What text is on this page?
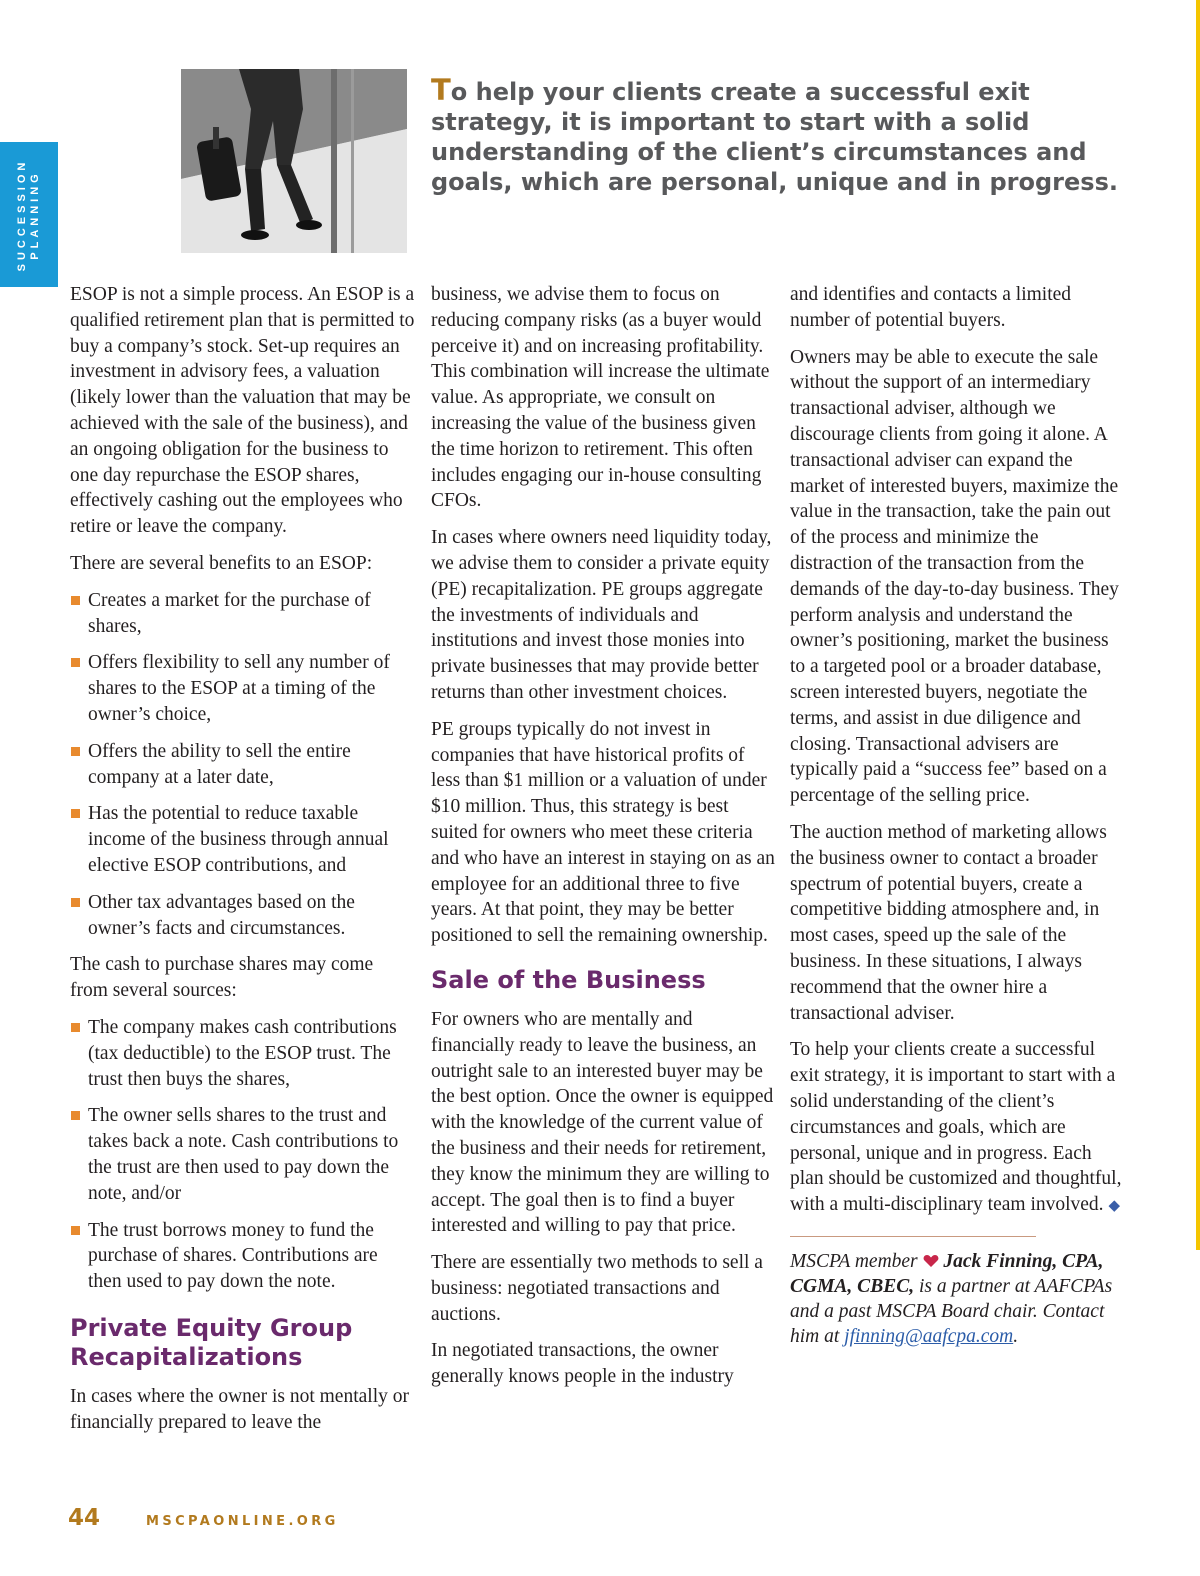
SUCCESSION PLANNING

To help your clients create a successful exit strategy, it is important to start with a solid understanding of the client’s circumstances and goals, which are personal, unique and in progress.

ESOP is not a simple process. An ESOP is a qualified retirement plan that is permitted to buy a company’s stock. Set-up requires an investment in advisory fees, a valuation (likely lower than the valuation that may be achieved with the sale of the business), and an ongoing obligation for the business to one day repurchase the ESOP shares, effectively cashing out the employees who retire or leave the company.

There are several benefits to an ESOP:

Creates a market for the purchase of shares,
Offers flexibility to sell any number of shares to the ESOP at a timing of the owner’s choice,
Offers the ability to sell the entire company at a later date,
Has the potential to reduce taxable income of the business through annual elective ESOP contributions, and
Other tax advantages based on the owner’s facts and circumstances.

The cash to purchase shares may come from several sources:

The company makes cash contributions (tax deductible) to the ESOP trust. The trust then buys the shares,
The owner sells shares to the trust and takes back a note. Cash contributions to the trust are then used to pay down the note, and/or
The trust borrows money to fund the purchase of shares. Contributions are then used to pay down the note.
Private Equity Group Recapitalizations

In cases where the owner is not mentally or financially prepared to leave the

business, we advise them to focus on reducing company risks (as a buyer would perceive it) and on increasing profitability. This combination will increase the ultimate value. As appropriate, we consult on increasing the value of the business given the time horizon to retirement. This often includes engaging our in-house consulting CFOs.

In cases where owners need liquidity today, we advise them to consider a private equity (PE) recapitalization. PE groups aggregate the investments of individuals and institutions and invest those monies into private businesses that may provide better returns than other investment choices.

PE groups typically do not invest in companies that have historical profits of less than $1 million or a valuation of under $10 million. Thus, this strategy is best suited for owners who meet these criteria and who have an interest in staying on as an employee for an additional three to five years. At that point, they may be better positioned to sell the remaining ownership.

Sale of the Business

For owners who are mentally and financially ready to leave the business, an outright sale to an interested buyer may be the best option. Once the owner is equipped with the knowledge of the current value of the business and their needs for retirement, they know the minimum they are willing to accept. The goal then is to find a buyer interested and willing to pay that price.

There are essentially two methods to sell a business: negotiated transactions and auctions.

In negotiated transactions, the owner generally knows people in the industry

and identifies and contacts a limited number of potential buyers.

Owners may be able to execute the sale without the support of an intermediary transactional adviser, although we discourage clients from going it alone. A transactional adviser can expand the market of interested buyers, maximize the value in the transaction, take the pain out of the process and minimize the distraction of the transaction from the demands of the day-to-day business. They perform analysis and understand the owner’s positioning, market the business to a targeted pool or a broader database, screen interested buyers, negotiate the terms, and assist in due diligence and closing. Transactional advisers are typically paid a “success fee” based on a percentage of the selling price.

The auction method of marketing allows the business owner to contact a broader spectrum of potential buyers, create a competitive bidding atmosphere and, in most cases, speed up the sale of the business. In these situations, I always recommend that the owner hire a transactional adviser.

To help your clients create a successful exit strategy, it is important to start with a solid understanding of the client’s circumstances and goals, which are personal, unique and in progress. Each plan should be customized and thoughtful, with a multi-disciplinary team involved. ◆

MSCPA member Jack Finning, CPA, CGMA, CBEC, is a partner at AAFCPAs and a past MSCPA Board chair. Contact him at jfinning@aafcpa.com.

44	MSCPAONLINE.ORG
